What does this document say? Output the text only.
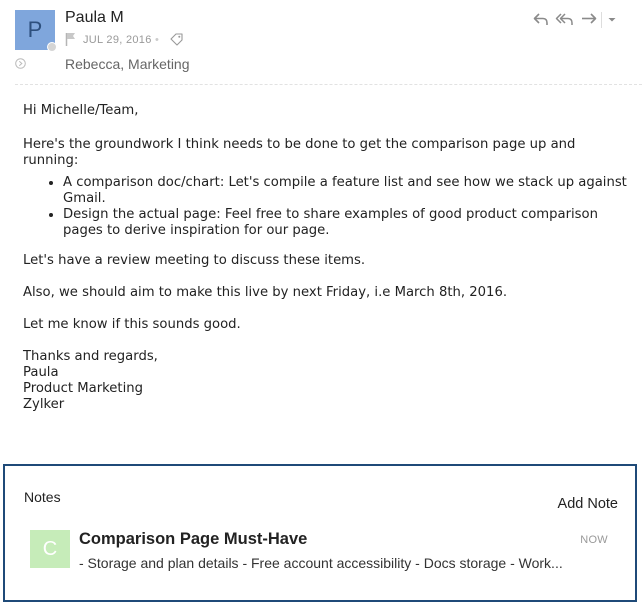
P Paula M
JUL 29, 2016 •
Rebecca, Marketing

Hi Michelle/Team,

Here's the groundwork I think needs to be done to get the comparison page up and

running:

• A comparison doc/chart: Let's compile a feature list and see how we stack up against
Gmail.
• Design the actual page: Feel free to share examples of good product comparison
pages to derive inspiration for our page.

Let's have a review meeting to discuss these items.

Also, we should aim to make this live by next Friday, i.e March 8th, 2016.

Let me know if this sounds good.

Thanks and regards,

Paula

Product Marketing

Zylker

Notes	Add Note
C Comparison Page Must-Have	NOW
- Storage and plan details - Free account accessibility - Docs storage - Work...
